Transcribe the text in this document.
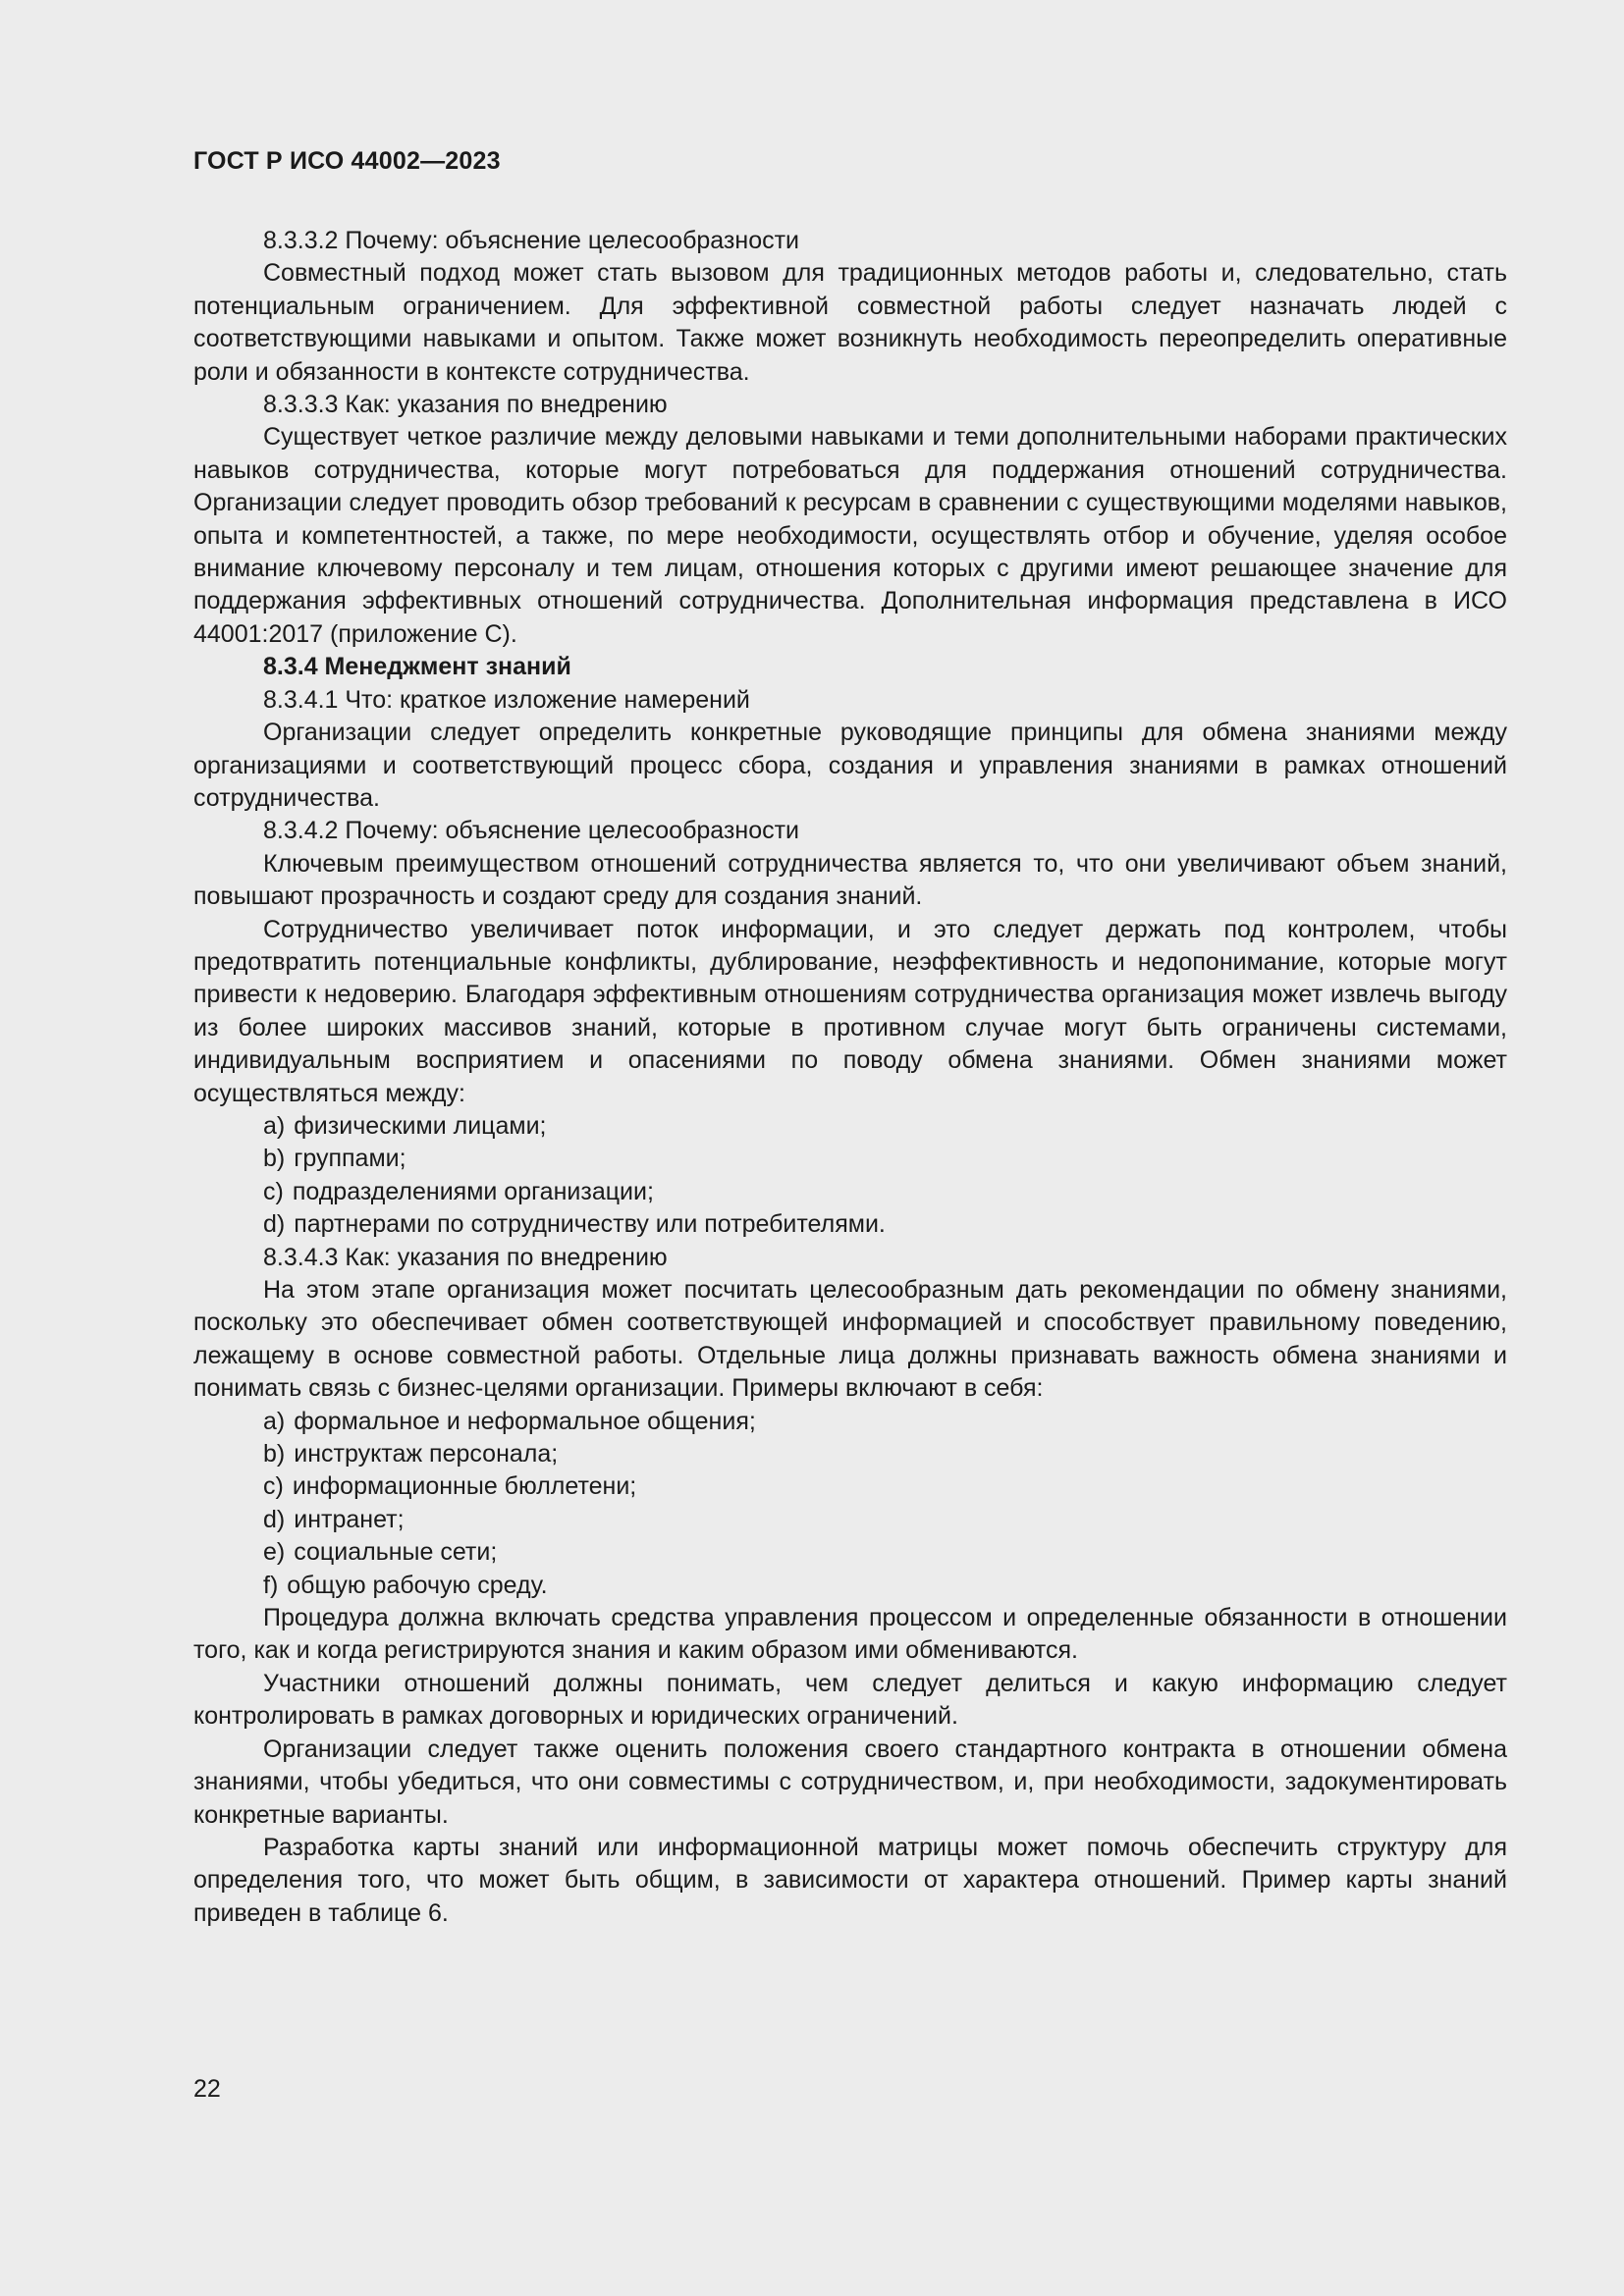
ГОСТ Р ИСО 44002—2023

8.3.3.2 Почему: объяснение целесообразности

Совместный подход может стать вызовом для традиционных методов работы и, следовательно, стать потенциальным ограничением. Для эффективной совместной работы следует назначать людей с соответствующими навыками и опытом. Также может возникнуть необходимость переопределить оперативные роли и обязанности в контексте сотрудничества.

8.3.3.3 Как: указания по внедрению

Существует четкое различие между деловыми навыками и теми дополнительными наборами практических навыков сотрудничества, которые могут потребоваться для поддержания отношений сотрудничества. Организации следует проводить обзор требований к ресурсам в сравнении с существующими моделями навыков, опыта и компетентностей, а также, по мере необходимости, осуществлять отбор и обучение, уделяя особое внимание ключевому персоналу и тем лицам, отношения которых с другими имеют решающее значение для поддержания эффективных отношений сотрудничества. Дополнительная информация представлена в ИСО 44001:2017 (приложение С).

8.3.4 Менеджмент знаний

8.3.4.1 Что: краткое изложение намерений

Организации следует определить конкретные руководящие принципы для обмена знаниями между организациями и соответствующий процесс сбора, создания и управления знаниями в рамках отношений сотрудничества.

8.3.4.2 Почему: объяснение целесообразности

Ключевым преимуществом отношений сотрудничества является то, что они увеличивают объем знаний, повышают прозрачность и создают среду для создания знаний.

Сотрудничество увеличивает поток информации, и это следует держать под контролем, чтобы предотвратить потенциальные конфликты, дублирование, неэффективность и недопонимание, которые могут привести к недоверию. Благодаря эффективным отношениям сотрудничества организация может извлечь выгоду из более широких массивов знаний, которые в противном случае могут быть ограничены системами, индивидуальным восприятием и опасениями по поводу обмена знаниями. Обмен знаниями может осуществляться между:

a) физическими лицами;
b) группами;
c) подразделениями организации;
d) партнерами по сотрудничеству или потребителями.

8.3.4.3 Как: указания по внедрению

На этом этапе организация может посчитать целесообразным дать рекомендации по обмену знаниями, поскольку это обеспечивает обмен соответствующей информацией и способствует правильному поведению, лежащему в основе совместной работы. Отдельные лица должны признавать важность обмена знаниями и понимать связь с бизнес-целями организации. Примеры включают в себя:

a) формальное и неформальное общения;
b) инструктаж персонала;
c) информационные бюллетени;
d) интранет;
e) социальные сети;
f) общую рабочую среду.

Процедура должна включать средства управления процессом и определенные обязанности в отношении того, как и когда регистрируются знания и каким образом ими обмениваются.

Участники отношений должны понимать, чем следует делиться и какую информацию следует контролировать в рамках договорных и юридических ограничений.

Организации следует также оценить положения своего стандартного контракта в отношении обмена знаниями, чтобы убедиться, что они совместимы с сотрудничеством, и, при необходимости, задокументировать конкретные варианты.

Разработка карты знаний или информационной матрицы может помочь обеспечить структуру для определения того, что может быть общим, в зависимости от характера отношений. Пример карты знаний приведен в таблице 6.

22
